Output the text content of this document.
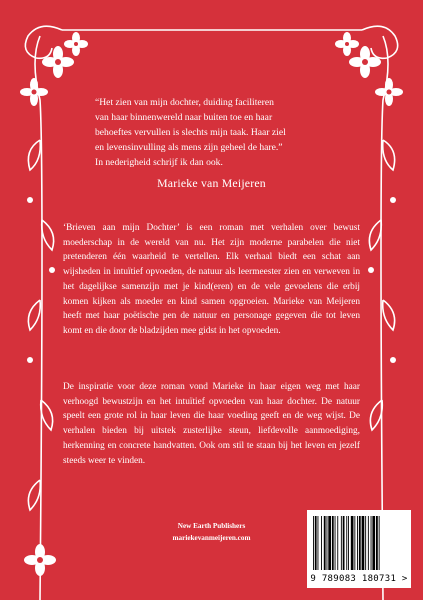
“Het zien van mijn dochter, duiding faciliteren
van haar binnenwereld naar buiten toe en haar
behoeftes vervullen is slechts mijn taak. Haar ziel
en levensinvulling als mens zijn geheel de hare.”
In nederigheid schrijf ik dan ook.
Marieke van Meijeren
‘Brieven aan mijn Dochter’ is een roman met verhalen over bewust moederschap in de wereld van nu. Het zijn moderne parabelen die niet pretenderen één waarheid te vertellen. Elk verhaal biedt een schat aan wijsheden in intuïtief opvoeden, de natuur als leermeester zien en verweven in het dagelijkse samenzijn met je kind(eren) en de vele gevoelens die erbij komen kijken als moeder en kind samen opgroeien. Marieke van Meijeren heeft met haar poëtische pen de natuur en personage gegeven die tot leven komt en die door de bladzijden mee gidst in het opvoeden.
De inspiratie voor deze roman vond Marieke in haar eigen weg met haar verhoogd bewustzijn en het intuïtief opvoeden van haar dochter. De natuur speelt een grote rol in haar leven die haar voeding geeft en de weg wijst. De verhalen bieden bij uitstek zusterlijke steun, liefdevolle aanmoediging, herkenning en concrete handvatten. Ook om stil te staan bij het leven en jezelf steeds weer te vinden.
New Earth Publishers
mariekevanmeijeren.com
9 789083 180731 >
